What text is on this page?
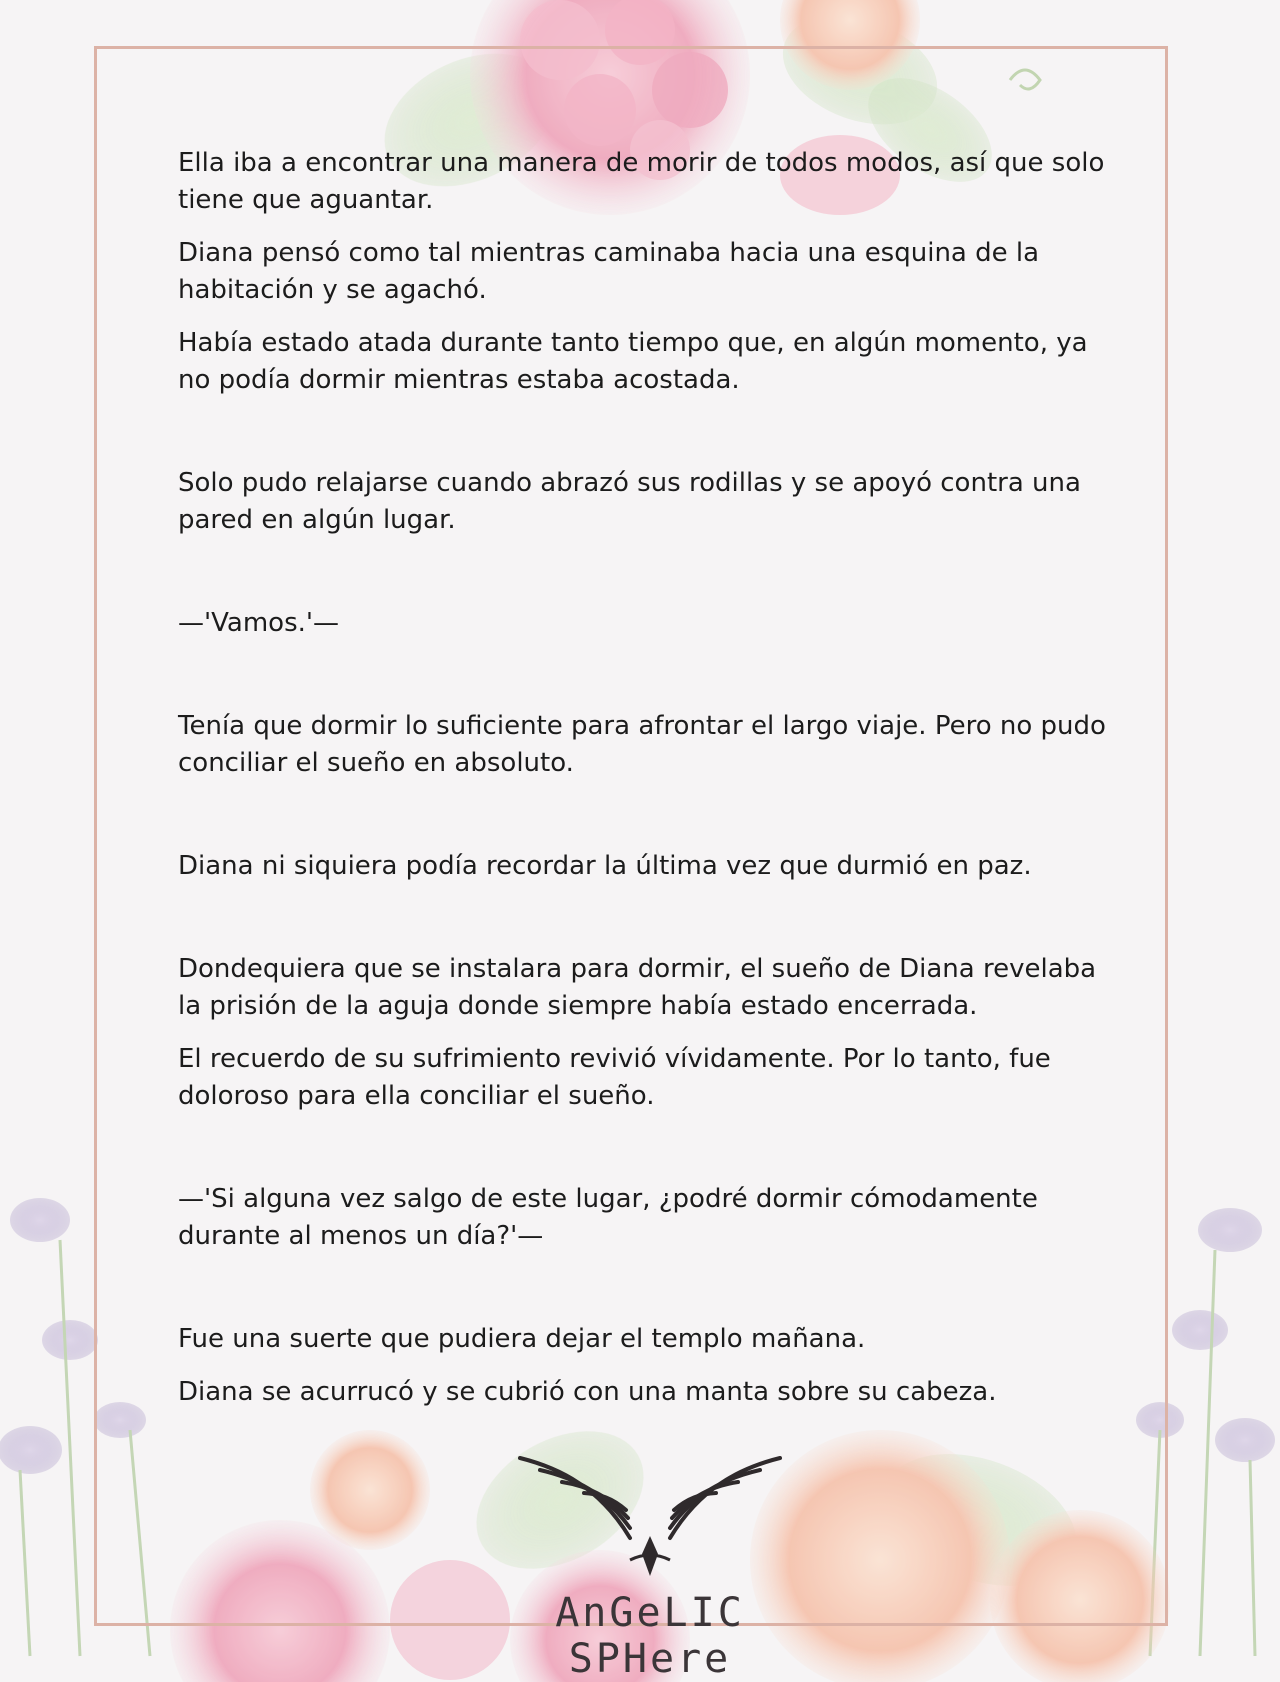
Ella iba a encontrar una manera de morir de todos modos, así que solo tiene que aguantar.

Diana pensó como tal mientras caminaba hacia una esquina de la habitación y se agachó.

Había estado atada durante tanto tiempo que, en algún momento, ya no podía dormir mientras estaba acostada.

Solo pudo relajarse cuando abrazó sus rodillas y se apoyó contra una pared en algún lugar.

—'Vamos.'—

Tenía que dormir lo suficiente para afrontar el largo viaje. Pero no pudo conciliar el sueño en absoluto.

Diana ni siquiera podía recordar la última vez que durmió en paz.

Dondequiera que se instalara para dormir, el sueño de Diana revelaba la prisión de la aguja donde siempre había estado encerrada.

El recuerdo de su sufrimiento revivió vívidamente. Por lo tanto, fue doloroso para ella conciliar el sueño.

—'Si alguna vez salgo de este lugar, ¿podré dormir cómodamente durante al menos un día?'—

Fue una suerte que pudiera dejar el templo mañana.

Diana se acurrucó y se cubrió con una manta sobre su cabeza.

AnGeLIC SPHere
